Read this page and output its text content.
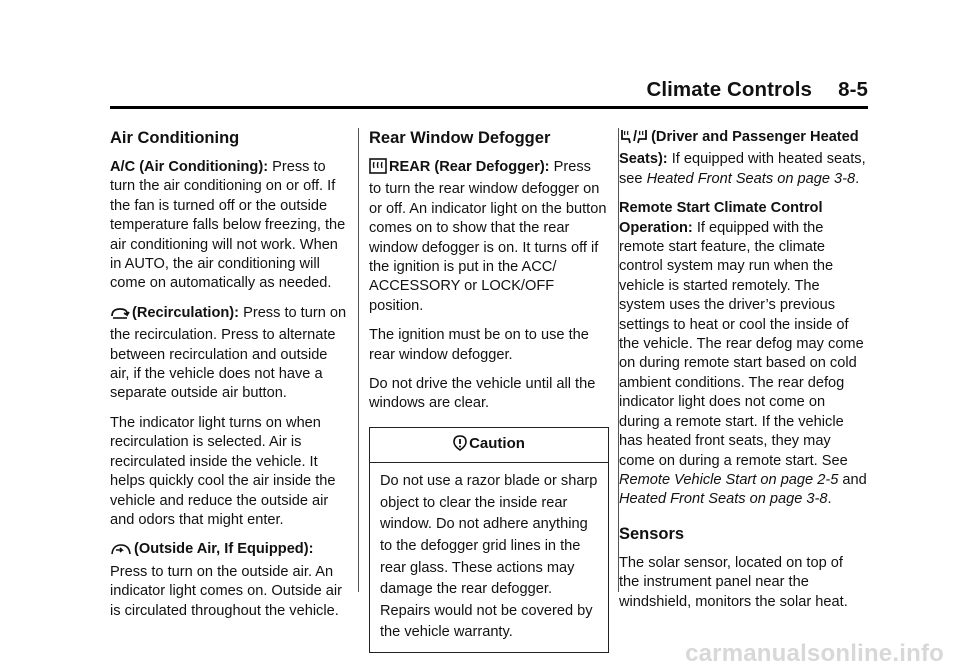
Climate Controls 8-5
Air Conditioning

A/C (Air Conditioning): Press to turn the air conditioning on or off. If the fan is turned off or the outside temperature falls below freezing, the air conditioning will not work. When in AUTO, the air conditioning will come on automatically as needed.

(Recirculation): Press to turn on the recirculation. Press to alternate between recirculation and outside air, if the vehicle does not have a separate outside air button.

The indicator light turns on when recirculation is selected. Air is recirculated inside the vehicle. It helps quickly cool the air inside the vehicle and reduce the outside air and odors that might enter.

(Outside Air, If Equipped): Press to turn on the outside air. An indicator light comes on. Outside air is circulated throughout the vehicle.

Rear Window Defogger

REAR (Rear Defogger): Press to turn the rear window defogger on or off. An indicator light on the button comes on to show that the rear window defogger is on. It turns off if the ignition is put in the ACC/ ACCESSORY or LOCK/OFF position.

The ignition must be on to use the rear window defogger.

Do not drive the vehicle until all the windows are clear.

Caution
Do not use a razor blade or sharp object to clear the inside rear window. Do not adhere anything to the defogger grid lines in the rear glass. These actions may damage the rear defogger. Repairs would not be covered by the vehicle warranty.

/ (Driver and Passenger Heated Seats): If equipped with heated seats, see Heated Front Seats on page 3-8.

Remote Start Climate Control Operation: If equipped with the remote start feature, the climate control system may run when the vehicle is started remotely. The system uses the driver’s previous settings to heat or cool the inside of the vehicle. The rear defog may come on during remote start based on cold ambient conditions. The rear defog indicator light does not come on during a remote start. If the vehicle has heated front seats, they may come on during a remote start. See Remote Vehicle Start on page 2-5 and Heated Front Seats on page 3-8.

Sensors

The solar sensor, located on top of the instrument panel near the windshield, monitors the solar heat.

carmanualsonline.info
